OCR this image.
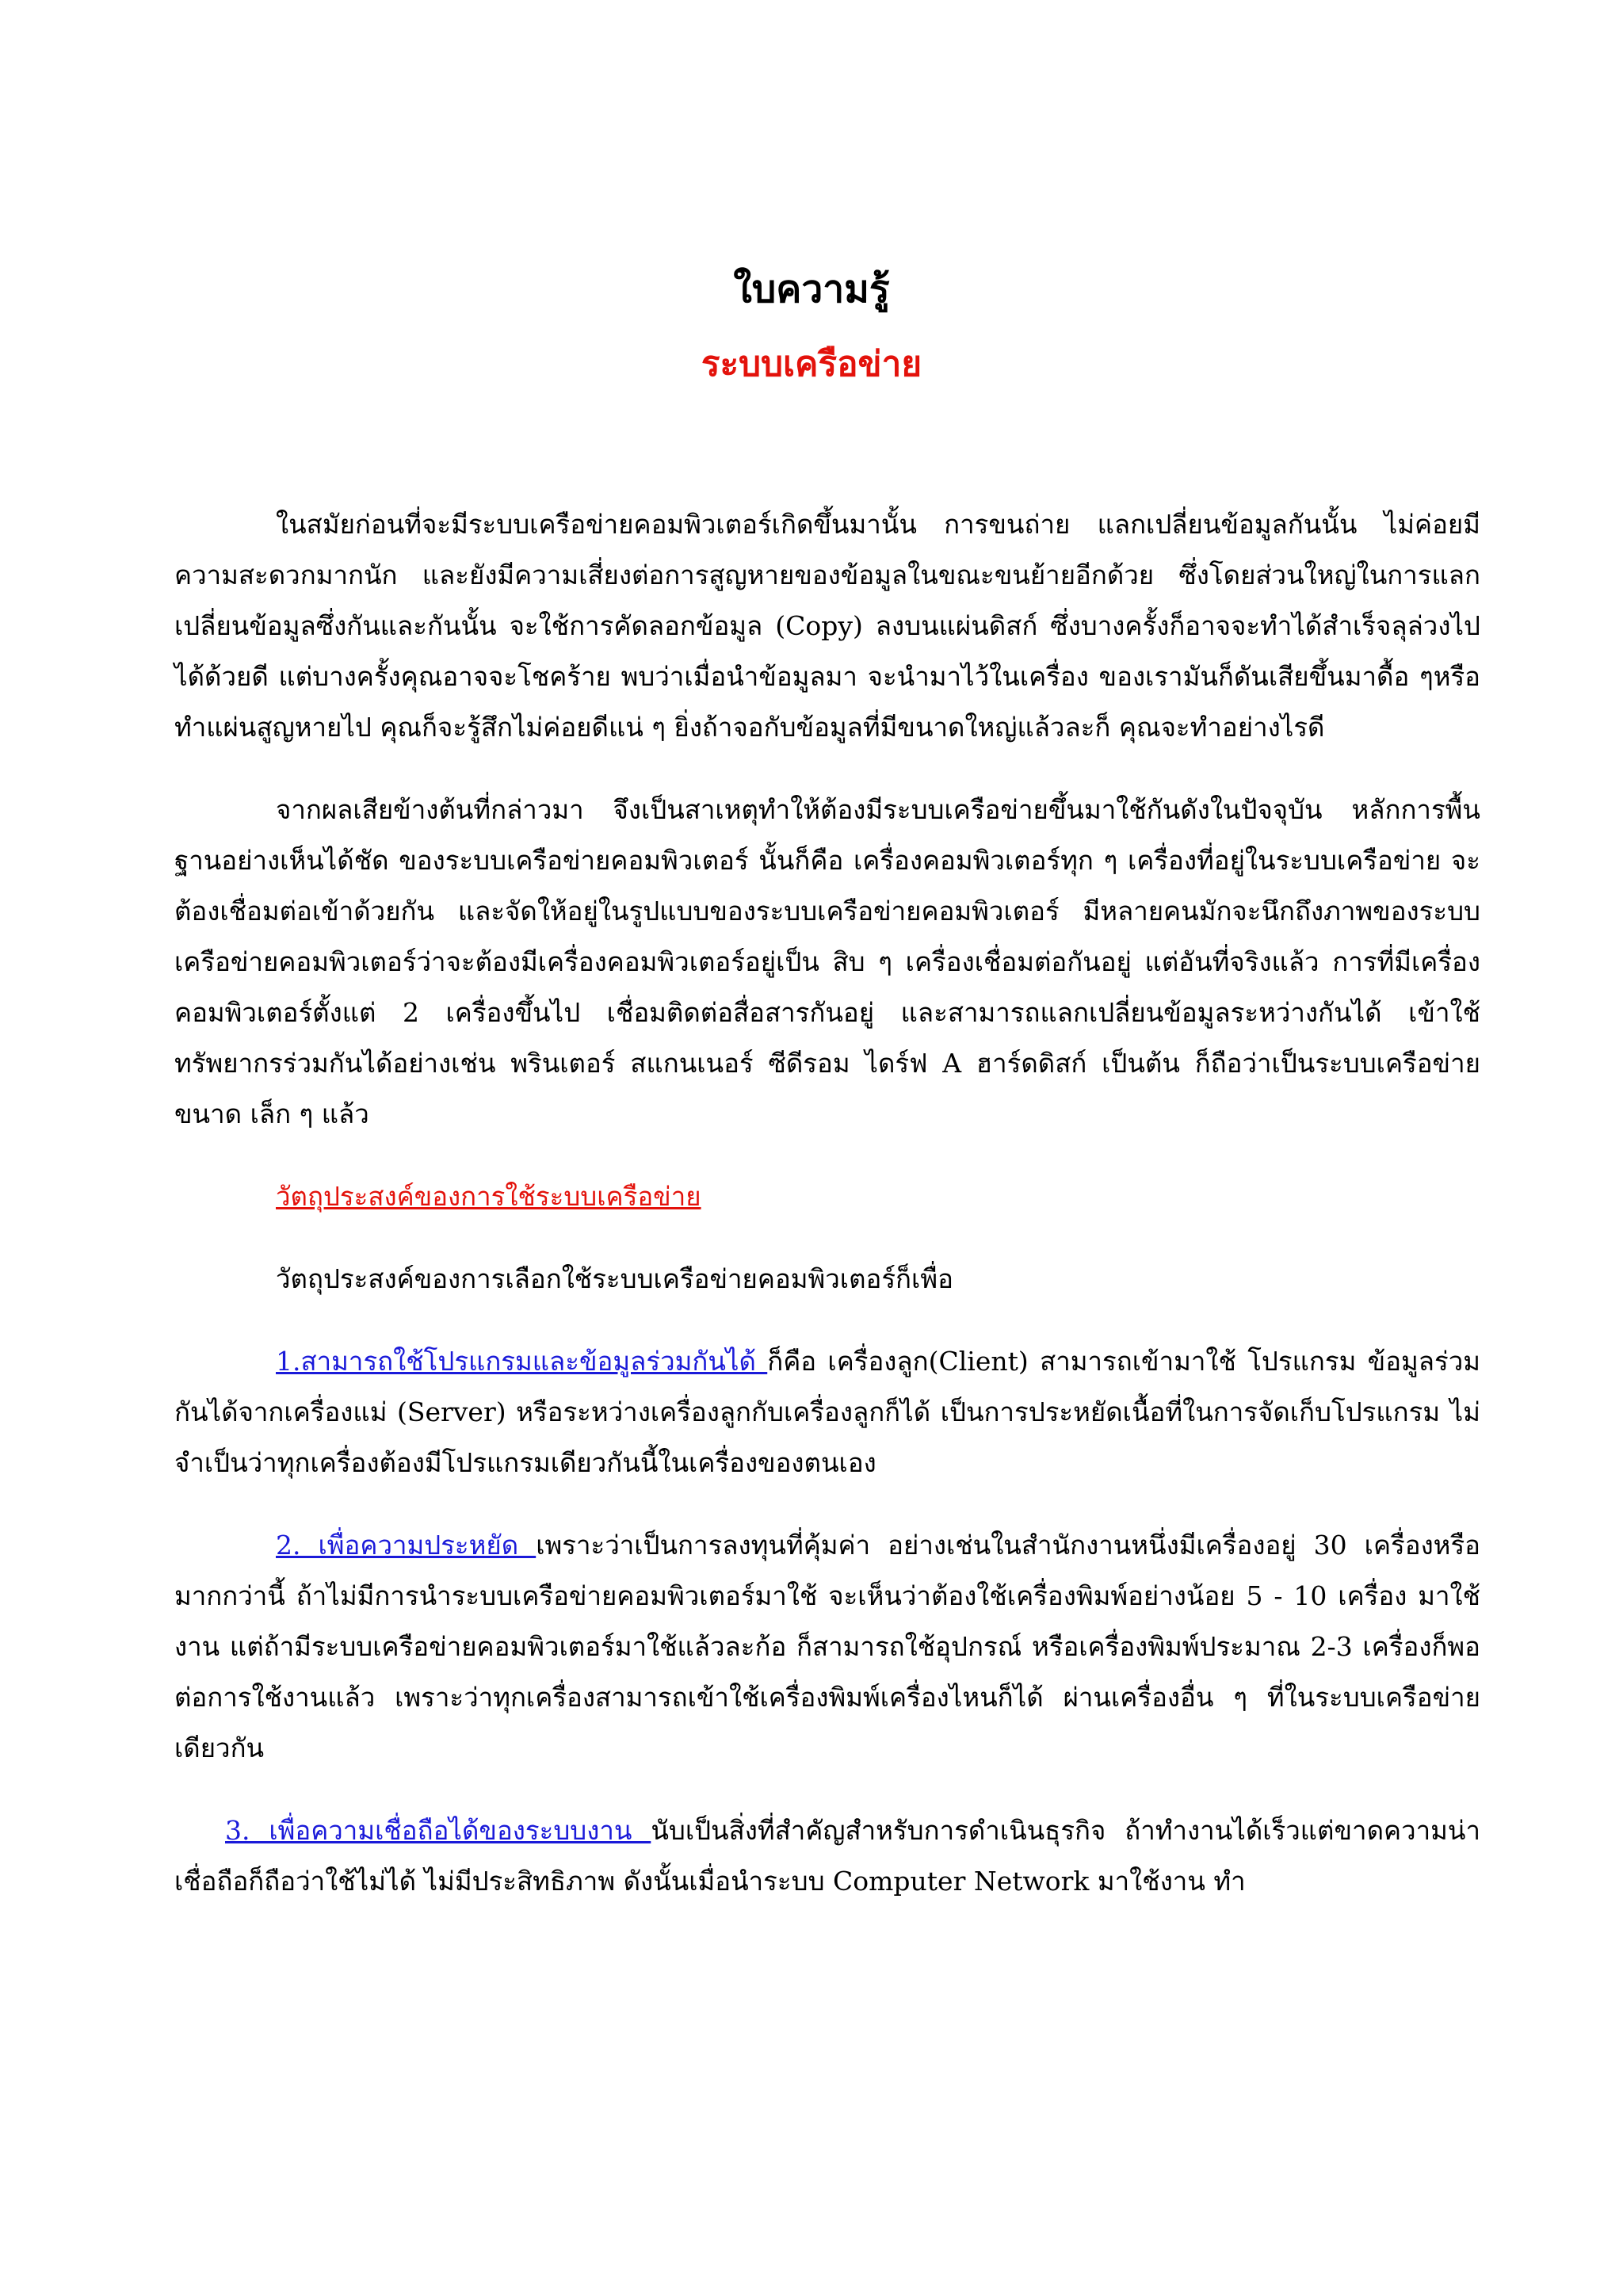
ใบความรู้
ระบบเครือข่าย

ในสมัยก่อนที่จะมีระบบเครือข่ายคอมพิวเตอร์เกิดขึ้นมานั้น การขนถ่าย แลกเปลี่ยนข้อมูลกันนั้น ไม่ค่อยมีความสะดวกมากนัก และยังมีความเสี่ยงต่อการสูญหายของข้อมูลในขณะขนย้ายอีกด้วย ซึ่งโดยส่วนใหญ่ในการแลกเปลี่ยนข้อมูลซึ่งกันและกันนั้น จะใช้การคัดลอกข้อมูล (Copy) ลงบนแผ่นดิสก์ ซึ่งบางครั้งก็อาจจะทำได้สำเร็จลุล่วงไปได้ด้วยดี แต่บางครั้งคุณอาจจะโชคร้าย พบว่าเมื่อนำข้อมูลมา จะนำมาไว้ในเครื่อง ของเรามันก็ดันเสียขึ้นมาดื้อ ๆหรือทำแผ่นสูญหายไป คุณก็จะรู้สึกไม่ค่อยดีแน่ ๆ ยิ่งถ้าจอกับข้อมูลที่มีขนาดใหญ่แล้วละก็ คุณจะทำอย่างไรดี

จากผลเสียข้างต้นที่กล่าวมา จึงเป็นสาเหตุทำให้ต้องมีระบบเครือข่ายขึ้นมาใช้กันดังในปัจจุบัน หลักการพื้นฐานอย่างเห็นได้ชัด ของระบบเครือข่ายคอมพิวเตอร์ นั้นก็คือ เครื่องคอมพิวเตอร์ทุก ๆ เครื่องที่อยู่ในระบบเครือข่าย จะต้องเชื่อมต่อเข้าด้วยกัน และจัดให้อยู่ในรูปแบบของระบบเครือข่ายคอมพิวเตอร์ มีหลายคนมักจะนึกถึงภาพของระบบเครือข่ายคอมพิวเตอร์ว่าจะต้องมีเครื่องคอมพิวเตอร์อยู่เป็น สิบ ๆ เครื่องเชื่อมต่อกันอยู่ แต่อันที่จริงแล้ว การที่มีเครื่องคอมพิวเตอร์ตั้งแต่ 2 เครื่องขึ้นไป เชื่อมติดต่อสื่อสารกันอยู่ และสามารถแลกเปลี่ยนข้อมูลระหว่างกันได้ เข้าใช้ทรัพยากรร่วมกันได้อย่างเช่น พรินเตอร์ สแกนเนอร์ ซีดีรอม ไดร์ฟ A ฮาร์ดดิสก์ เป็นต้น ก็ถือว่าเป็นระบบเครือข่ายขนาด เล็ก ๆ แล้ว

วัตถุประสงค์ของการใช้ระบบเครือข่าย

วัตถุประสงค์ของการเลือกใช้ระบบเครือข่ายคอมพิวเตอร์ก็เพื่อ

1.สามารถใช้โปรแกรมและข้อมูลร่วมกันได้ ก็คือ เครื่องลูก(Client) สามารถเข้ามาใช้ โปรแกรม ข้อมูลร่วมกันได้จากเครื่องแม่ (Server) หรือระหว่างเครื่องลูกกับเครื่องลูกก็ได้ เป็นการประหยัดเนื้อที่ในการจัดเก็บโปรแกรม ไม่จำเป็นว่าทุกเครื่องต้องมีโปรแกรมเดียวกันนี้ในเครื่องของตนเอง

2. เพื่อความประหยัด เพราะว่าเป็นการลงทุนที่คุ้มค่า อย่างเช่นในสำนักงานหนึ่งมีเครื่องอยู่ 30 เครื่องหรือมากกว่านี้ ถ้าไม่มีการนำระบบเครือข่ายคอมพิวเตอร์มาใช้ จะเห็นว่าต้องใช้เครื่องพิมพ์อย่างน้อย 5 - 10 เครื่อง มาใช้งาน แต่ถ้ามีระบบเครือข่ายคอมพิวเตอร์มาใช้แล้วละก้อ ก็สามารถใช้อุปกรณ์ หรือเครื่องพิมพ์ประมาณ 2-3 เครื่องก็พอต่อการใช้งานแล้ว เพราะว่าทุกเครื่องสามารถเข้าใช้เครื่องพิมพ์เครื่องไหนก็ได้ ผ่านเครื่องอื่น ๆ ที่ในระบบเครือข่ายเดียวกัน

3. เพื่อความเชื่อถือได้ของระบบงาน นับเป็นสิ่งที่สำคัญสำหรับการดำเนินธุรกิจ ถ้าทำงานได้เร็วแต่ขาดความน่าเชื่อถือก็ถือว่าใช้ไม่ได้ ไม่มีประสิทธิภาพ ดังนั้นเมื่อนำระบบ Computer Network มาใช้งาน ทำ
